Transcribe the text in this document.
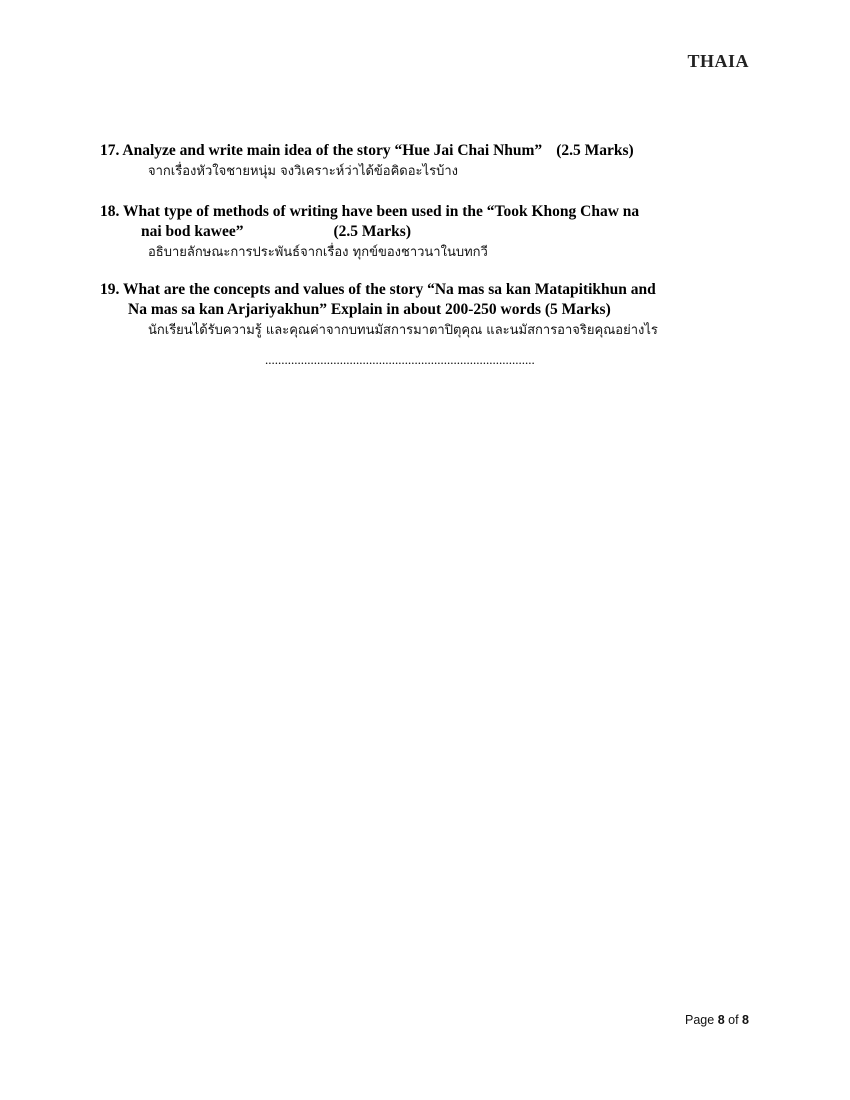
THAIA
17. Analyze and write main idea of the story “Hue Jai Chai Nhum” (2.5 Marks)
จากเรื่องหัวใจชายหนุ่ม จงวิเคราะห์ว่าได้ข้อคิดอะไรบ้าง
18. What type of methods of writing have been used in the “Took Khong Chaw na
nai bod kawee”	(2.5 Marks)
อธิบายลักษณะการประพันธ์จากเรื่อง ทุกข์ของชาวนาในบทกวี
19. What are the concepts and values of the story “Na mas sa kan Matapitikhun and
Na mas sa kan Arjariyakhun” Explain in about 200-250 words (5 Marks)
นักเรียนได้รับความรู้ และคุณค่าจากบทนมัสการมาตาปิตุคุณ และนมัสการอาจริยคุณอย่างไร
...................................................................................
Page 8 of 8
